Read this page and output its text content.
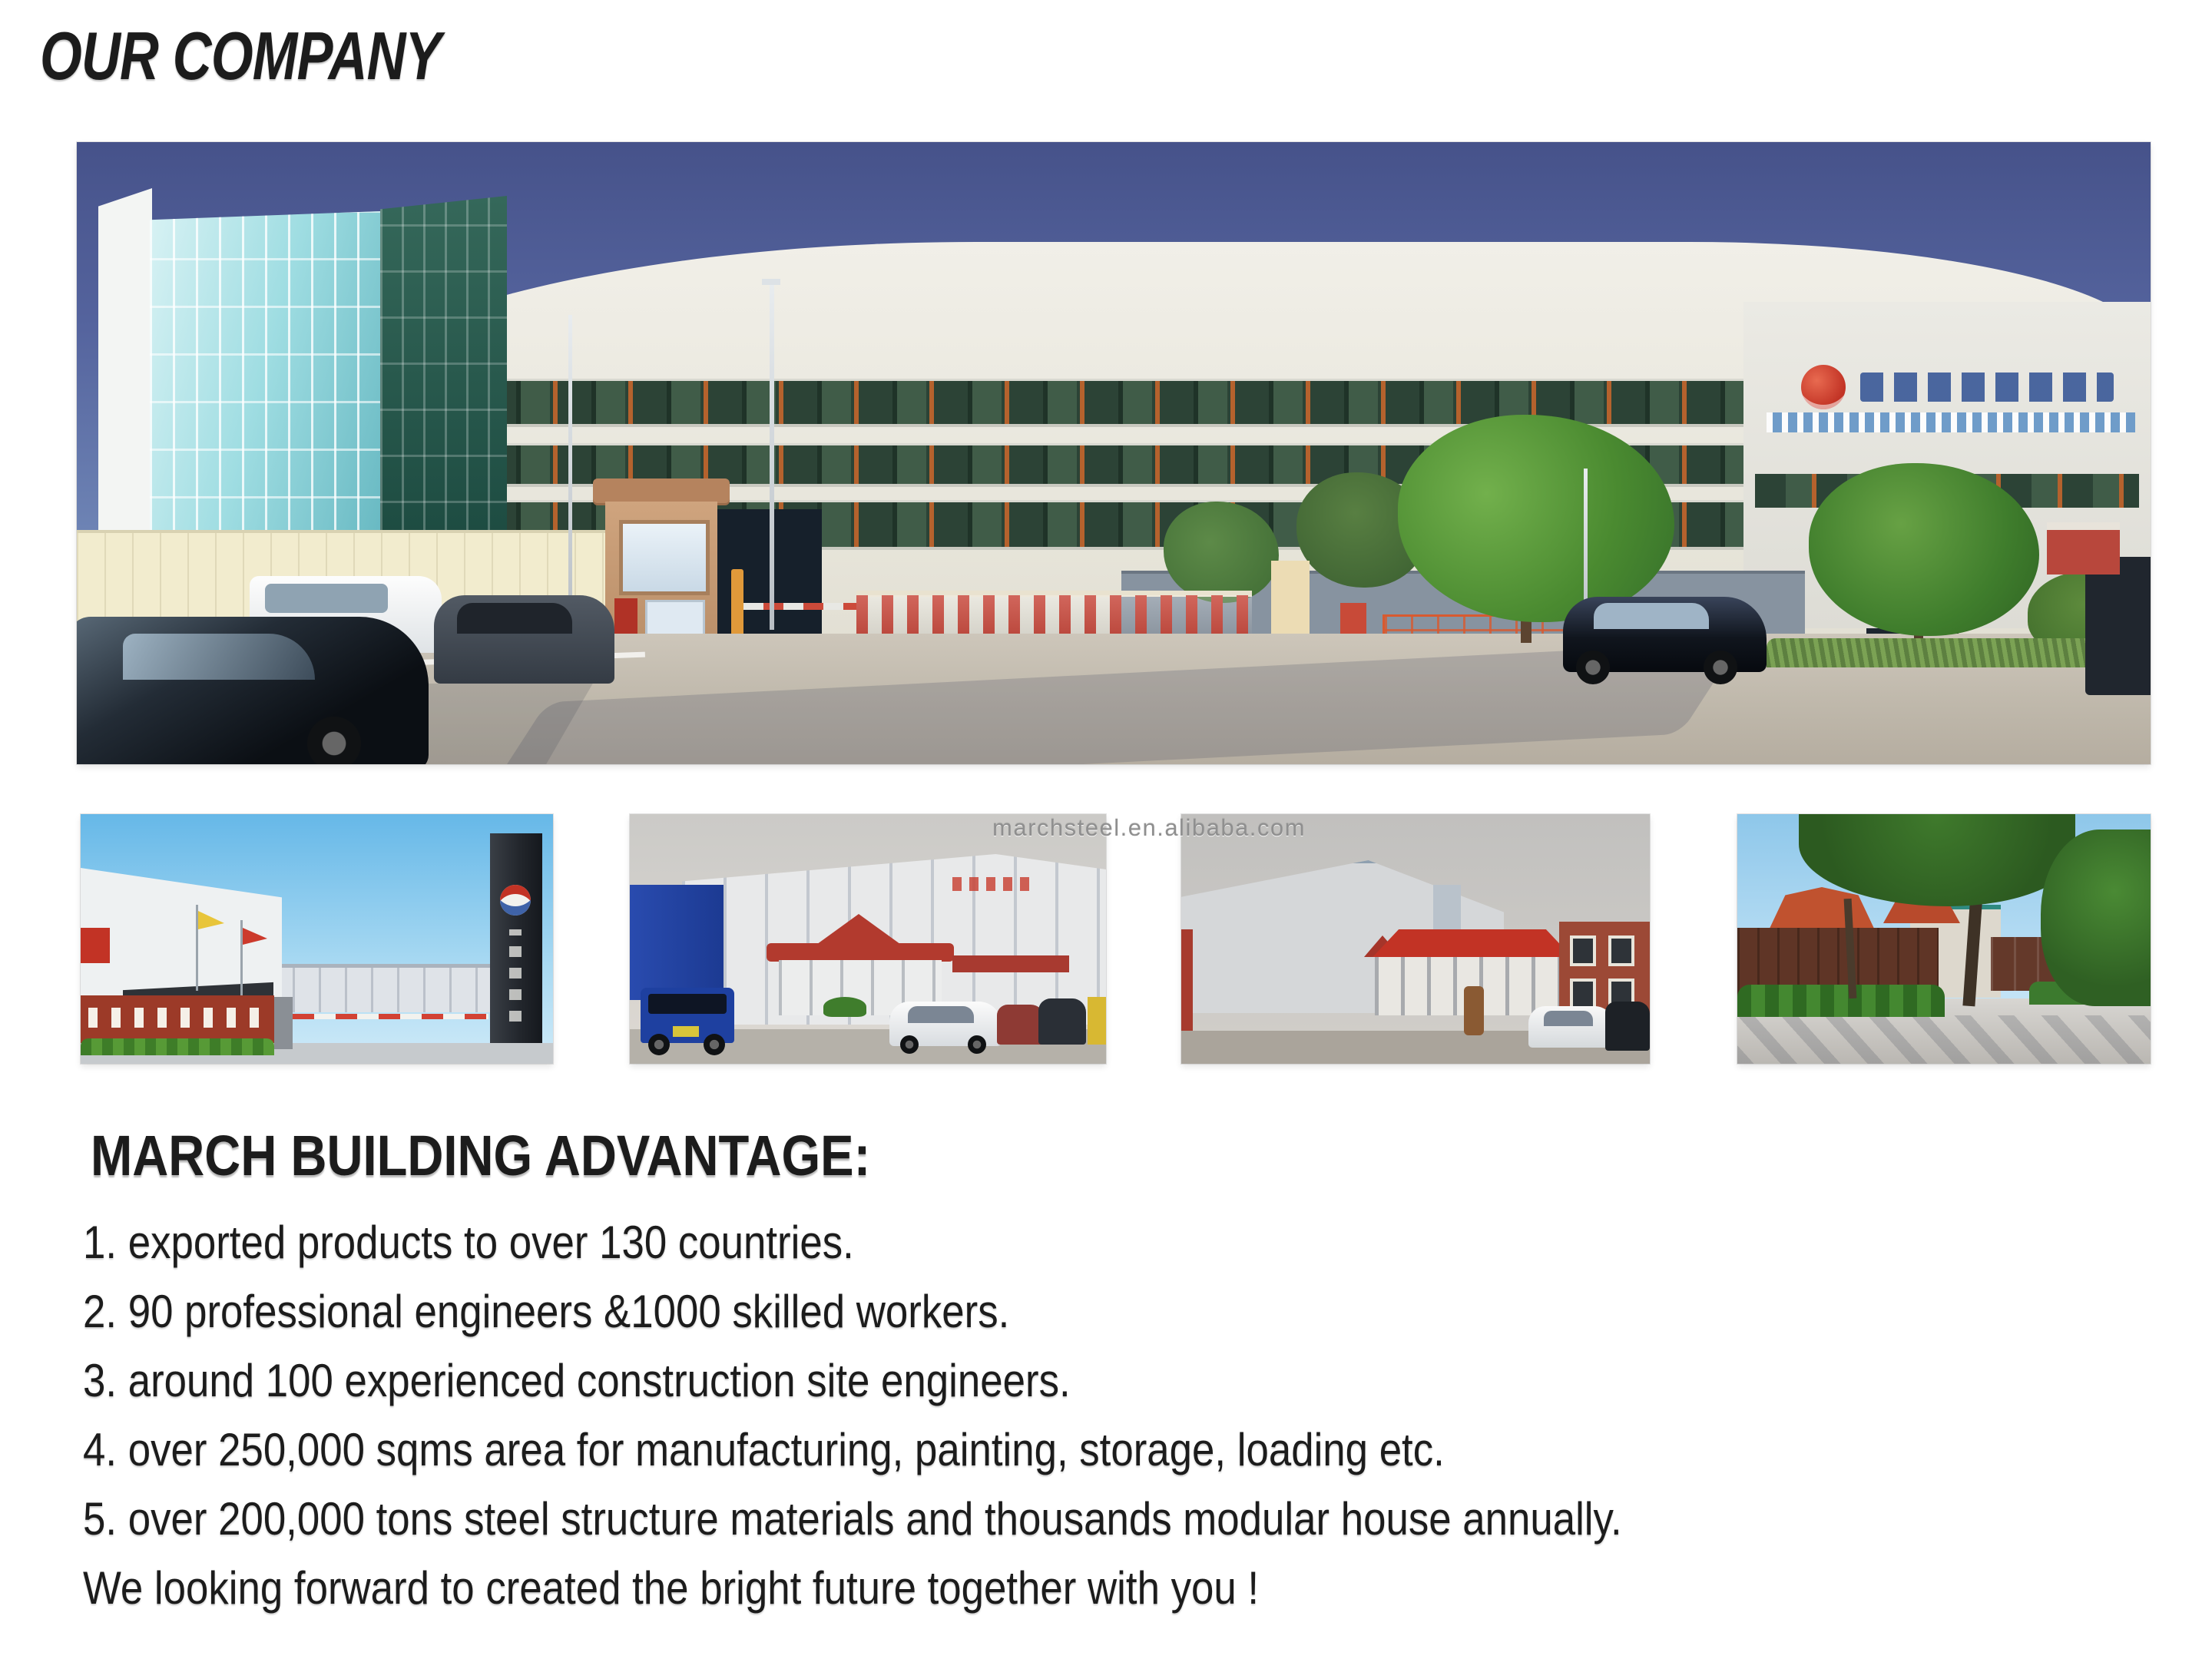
OUR COMPANY
marchsteel.en.alibaba.com
MARCH BUILDING ADVANTAGE:
1. exported products to over 130 countries.
2. 90 professional engineers &1000 skilled workers.
3. around 100 experienced construction site engineers.
4. over 250,000 sqms area for manufacturing, painting, storage, loading etc.
5. over 200,000 tons steel structure materials and thousands modular house annually.
We looking forward to created the bright future together with you !
